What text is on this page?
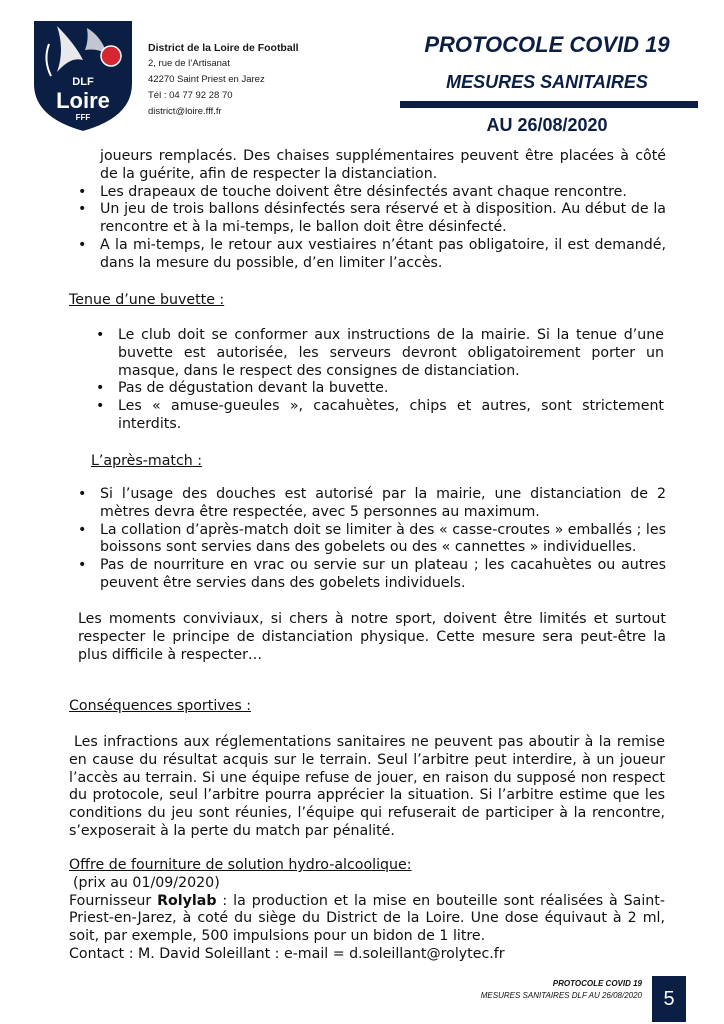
DLF
Loire
FFF
District de la Loire de Football
2, rue de l’Artisanat
42270 Saint Priest en Jarez
Tél : 04 77 92 28 70
district@loire.fff.fr
PROTOCOLE COVID 19
MESURES SANITAIRES
AU 26/08/2020
joueurs remplacés. Des chaises supplémentaires peuvent être placées à côté de la guérite, afin de respecter la distanciation.
• Les drapeaux de touche doivent être désinfectés avant chaque rencontre.
• Un jeu de trois ballons désinfectés sera réservé et à disposition. Au début de la rencontre et à la mi-temps, le ballon doit être désinfecté.
• A la mi-temps, le retour aux vestiaires n’étant pas obligatoire, il est demandé, dans la mesure du possible, d’en limiter l’accès.
Tenue d’une buvette :
• Le club doit se conformer aux instructions de la mairie. Si la tenue d’une buvette est autorisée, les serveurs devront obligatoirement porter un masque, dans le respect des consignes de distanciation.
• Pas de dégustation devant la buvette.
• Les « amuse-gueules », cacahuètes, chips et autres, sont strictement interdits.
L’après-match :
• Si l’usage des douches est autorisé par la mairie, une distanciation de 2 mètres devra être respectée, avec 5 personnes au maximum.
• La collation d’après-match doit se limiter à des « casse-croutes » emballés ; les boissons sont servies dans des gobelets ou des « cannettes » individuelles.
• Pas de nourriture en vrac ou servie sur un plateau ; les cacahuètes ou autres peuvent être servies dans des gobelets individuels.
Les moments conviviaux, si chers à notre sport, doivent être limités et surtout respecter le principe de distanciation physique. Cette mesure sera peut-être la plus difficile à respecter…
Conséquences sportives :
Les infractions aux réglementations sanitaires ne peuvent pas aboutir à la remise en cause du résultat acquis sur le terrain. Seul l’arbitre peut interdire, à un joueur l’accès au terrain. Si une équipe refuse de jouer, en raison du supposé non respect du protocole, seul l’arbitre pourra apprécier la situation. Si l’arbitre estime que les conditions du jeu sont réunies, l’équipe qui refuserait de participer à la rencontre, s’exposerait à la perte du match par pénalité.
Offre de fourniture de solution hydro-alcoolique:
(prix au 01/09/2020)
Fournisseur Rolylab : la production et la mise en bouteille sont réalisées à Saint-Priest-en-Jarez, à coté du siège du District de la Loire. Une dose équivaut à 2 ml, soit, par exemple, 500 impulsions pour un bidon de 1 litre.
Contact : M. David Soleillant : e-mail = d.soleillant@rolytec.fr
PROTOCOLE COVID 19
MESURES SANITAIRES DLF AU 26/08/2020	5
